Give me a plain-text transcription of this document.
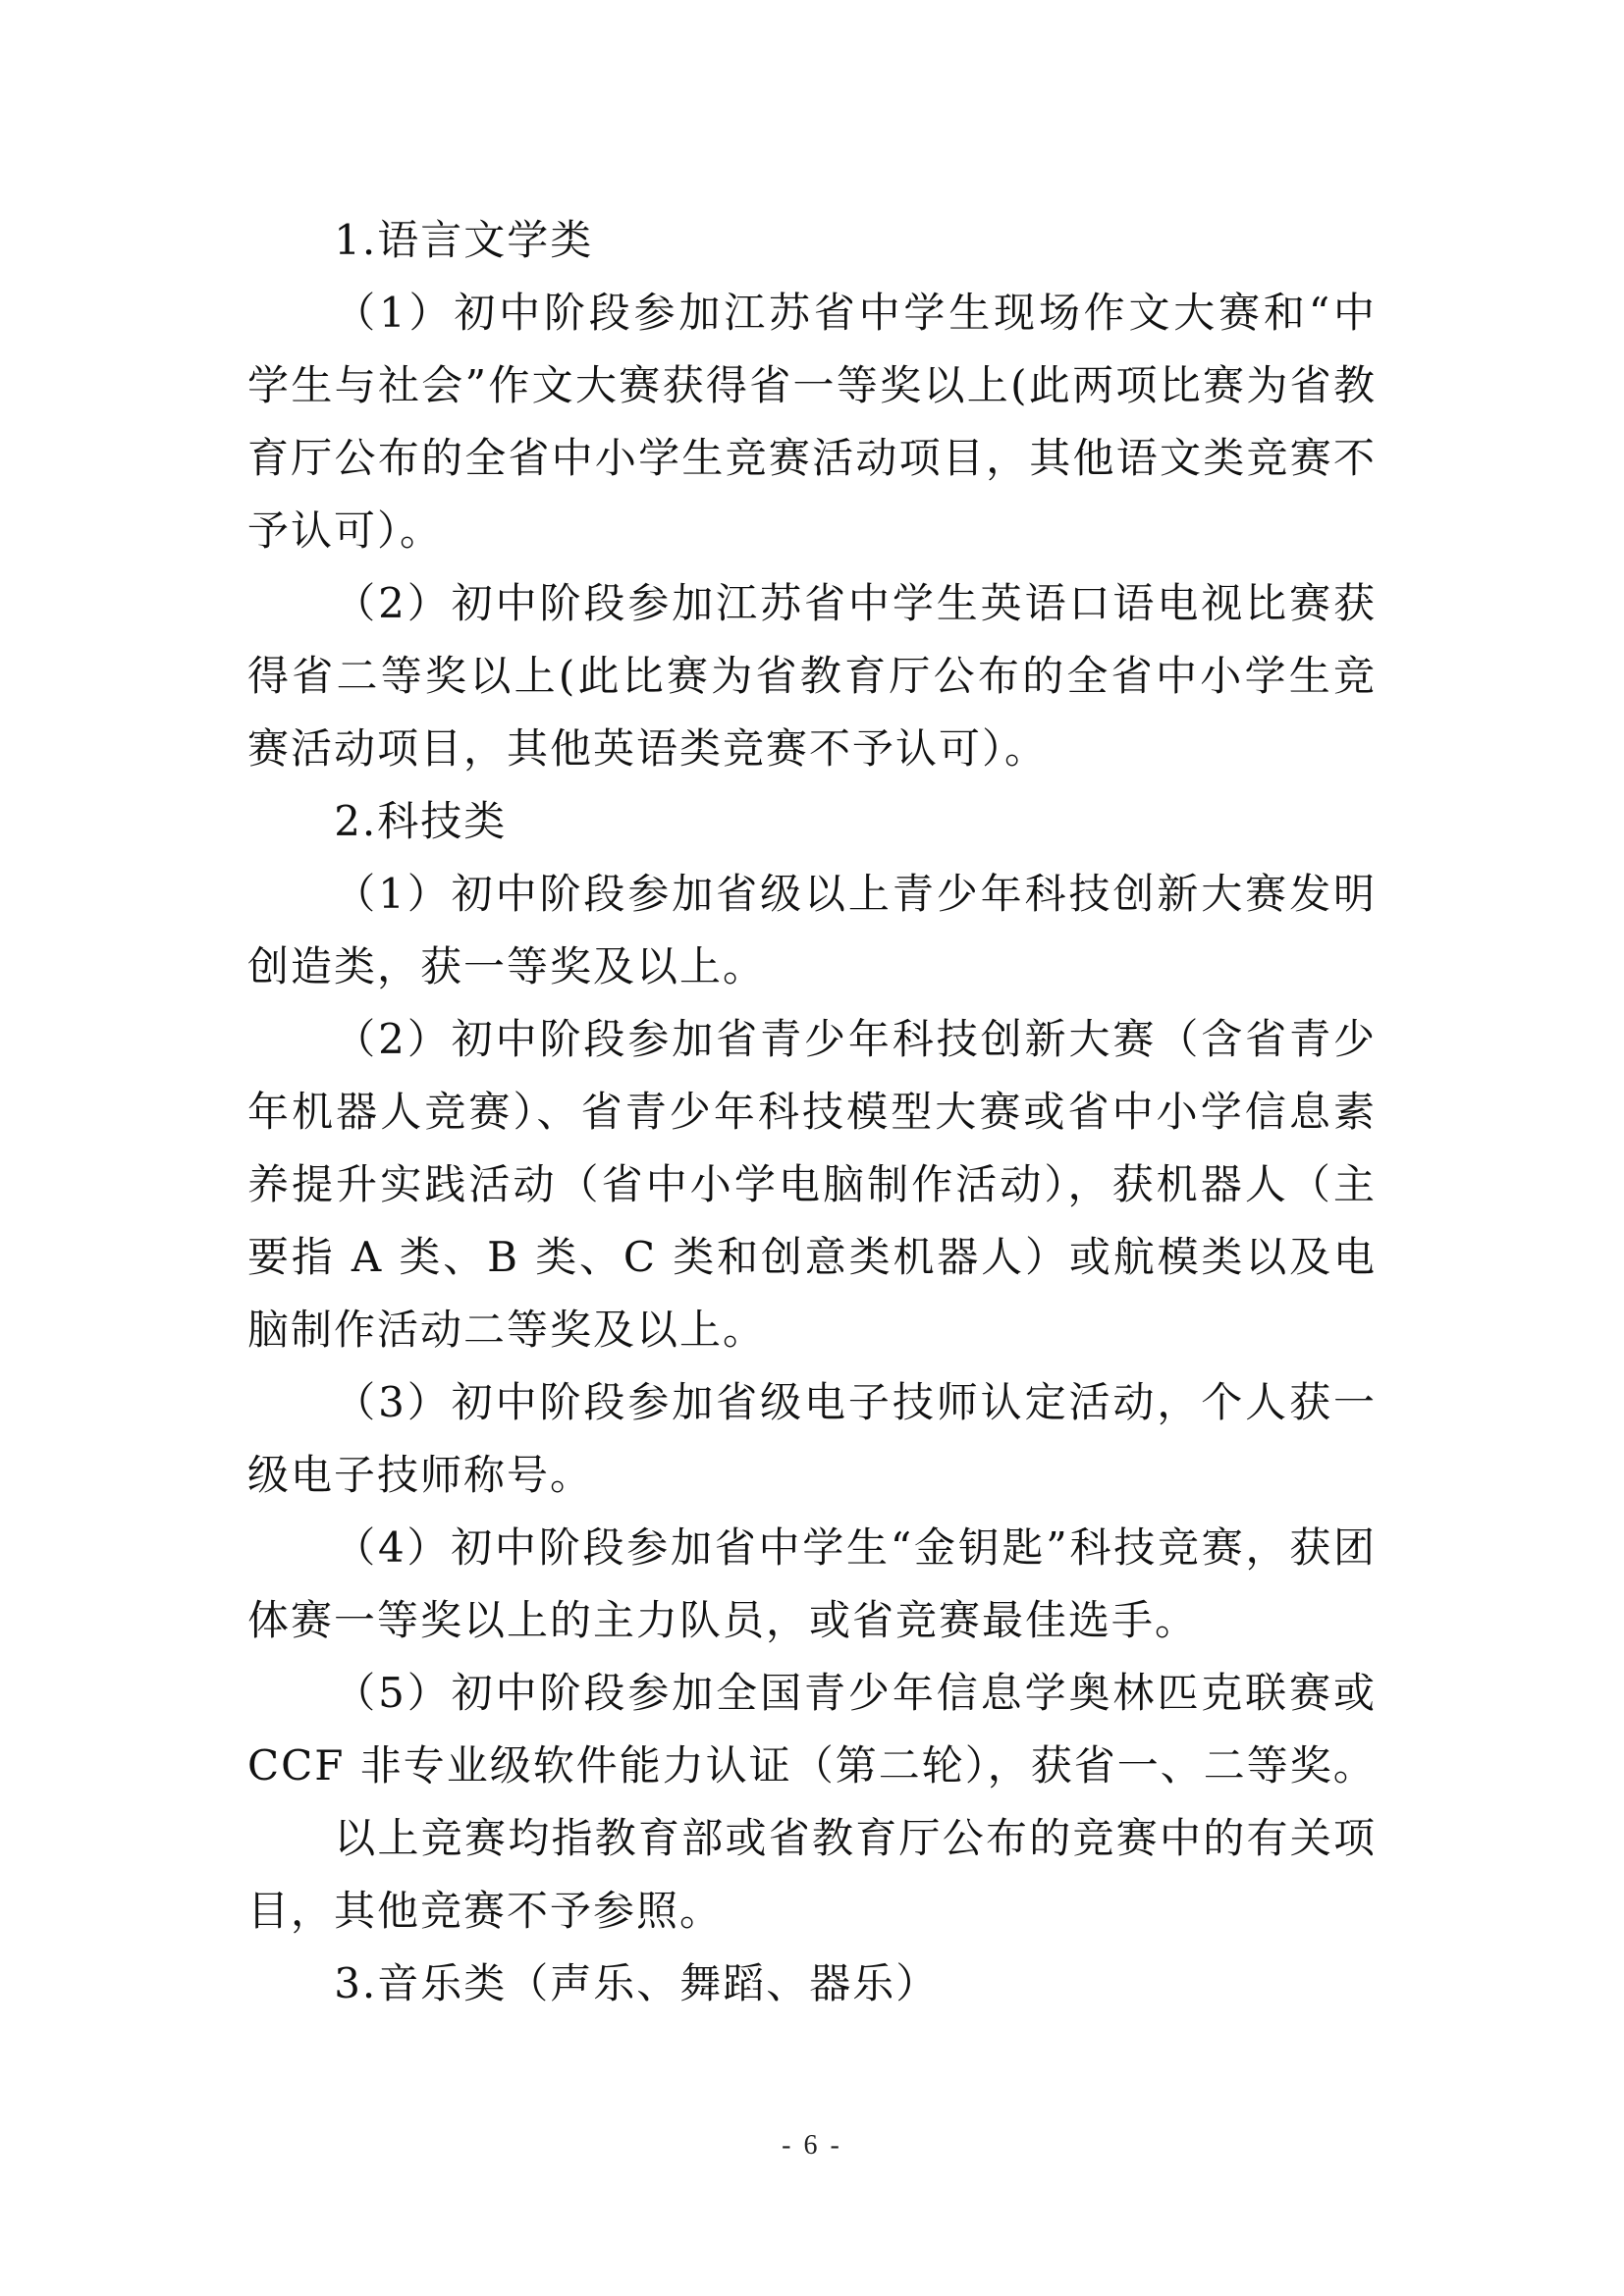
1.语言文学类

（1）初中阶段参加江苏省中学生现场作文大赛和“中学生与社会”作文大赛获得省一等奖以上(此两项比赛为省教育厅公布的全省中小学生竞赛活动项目，其他语文类竞赛不予认可）。

（2）初中阶段参加江苏省中学生英语口语电视比赛获得省二等奖以上(此比赛为省教育厅公布的全省中小学生竞赛活动项目，其他英语类竞赛不予认可）。

2.科技类

（1）初中阶段参加省级以上青少年科技创新大赛发明创造类，获一等奖及以上。

（2）初中阶段参加省青少年科技创新大赛（含省青少年机器人竞赛）、省青少年科技模型大赛或省中小学信息素养提升实践活动（省中小学电脑制作活动），获机器人（主要指 A 类、B 类、C 类和创意类机器人）或航模类以及电脑制作活动二等奖及以上。

（3）初中阶段参加省级电子技师认定活动，个人获一级电子技师称号。

（4）初中阶段参加省中学生“金钥匙”科技竞赛，获团体赛一等奖以上的主力队员，或省竞赛最佳选手。

（5）初中阶段参加全国青少年信息学奥林匹克联赛或 CCF 非专业级软件能力认证（第二轮），获省一、二等奖。

以上竞赛均指教育部或省教育厅公布的竞赛中的有关项目，其他竞赛不予参照。

3.音乐类（声乐、舞蹈、器乐）

- 6 -
